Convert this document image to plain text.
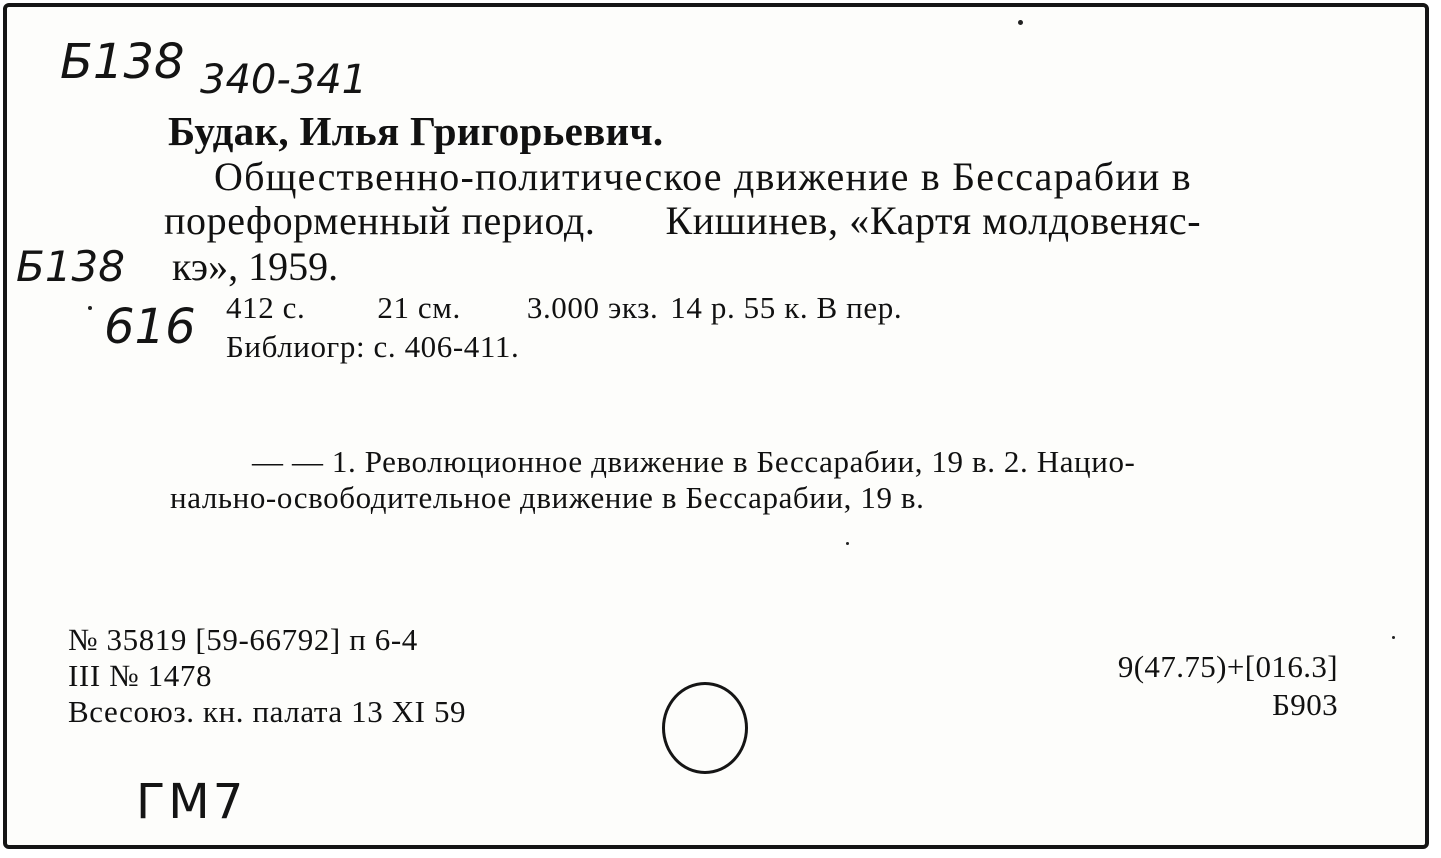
Б138 340-341
Б138
616
ГМ7
Будак, Илья Григорьевич.
Общественно-политическое движение в Бессарабии в
пореформенный период. Кишинев, «Картя молдовеняс-
кэ», 1959.
412 с. 21 см. 3.000 экз. 14 р. 55 к. В пер.
Библиогр: с. 406-411.
— — 1. Революционное движение в Бессарабии, 19 в. 2. Нацио-
нально-освободительное движение в Бессарабии, 19 в.
№ 35819 [59-66792] п 6-4
III № 1478
Всесоюз. кн. палата 13 XI 59
9(47.75)+[016.3]
Б903
